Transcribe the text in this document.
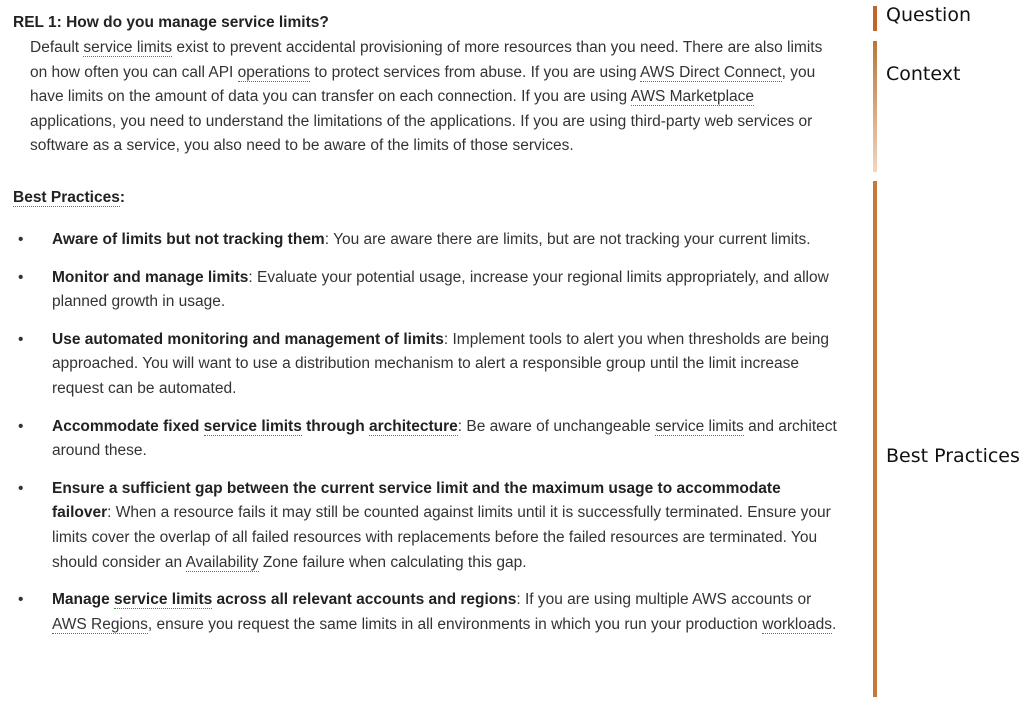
REL 1: How do you manage service limits?
Default service limits exist to prevent accidental provisioning of more resources than you need. There are also limits on how often you can call API operations to protect services from abuse. If you are using AWS Direct Connect, you have limits on the amount of data you can transfer on each connection. If you are using AWS Marketplace applications, you need to understand the limitations of the applications. If you are using third-party web services or software as a service, you also need to be aware of the limits of those services.
Best Practices:
• Aware of limits but not tracking them: You are aware there are limits, but are not tracking your current limits.
• Monitor and manage limits: Evaluate your potential usage, increase your regional limits appropriately, and allow planned growth in usage.
• Use automated monitoring and management of limits: Implement tools to alert you when thresholds are being approached. You will want to use a distribution mechanism to alert a responsible group until the limit increase request can be automated.
• Accommodate fixed service limits through architecture: Be aware of unchangeable service limits and architect around these.
• Ensure a sufficient gap between the current service limit and the maximum usage to accommodate failover: When a resource fails it may still be counted against limits until it is successfully terminated. Ensure your limits cover the overlap of all failed resources with replacements before the failed resources are terminated. You should consider an Availability Zone failure when calculating this gap.
• Manage service limits across all relevant accounts and regions: If you are using multiple AWS accounts or AWS Regions, ensure you request the same limits in all environments in which you run your production workloads.
Question
Context
Best Practices
